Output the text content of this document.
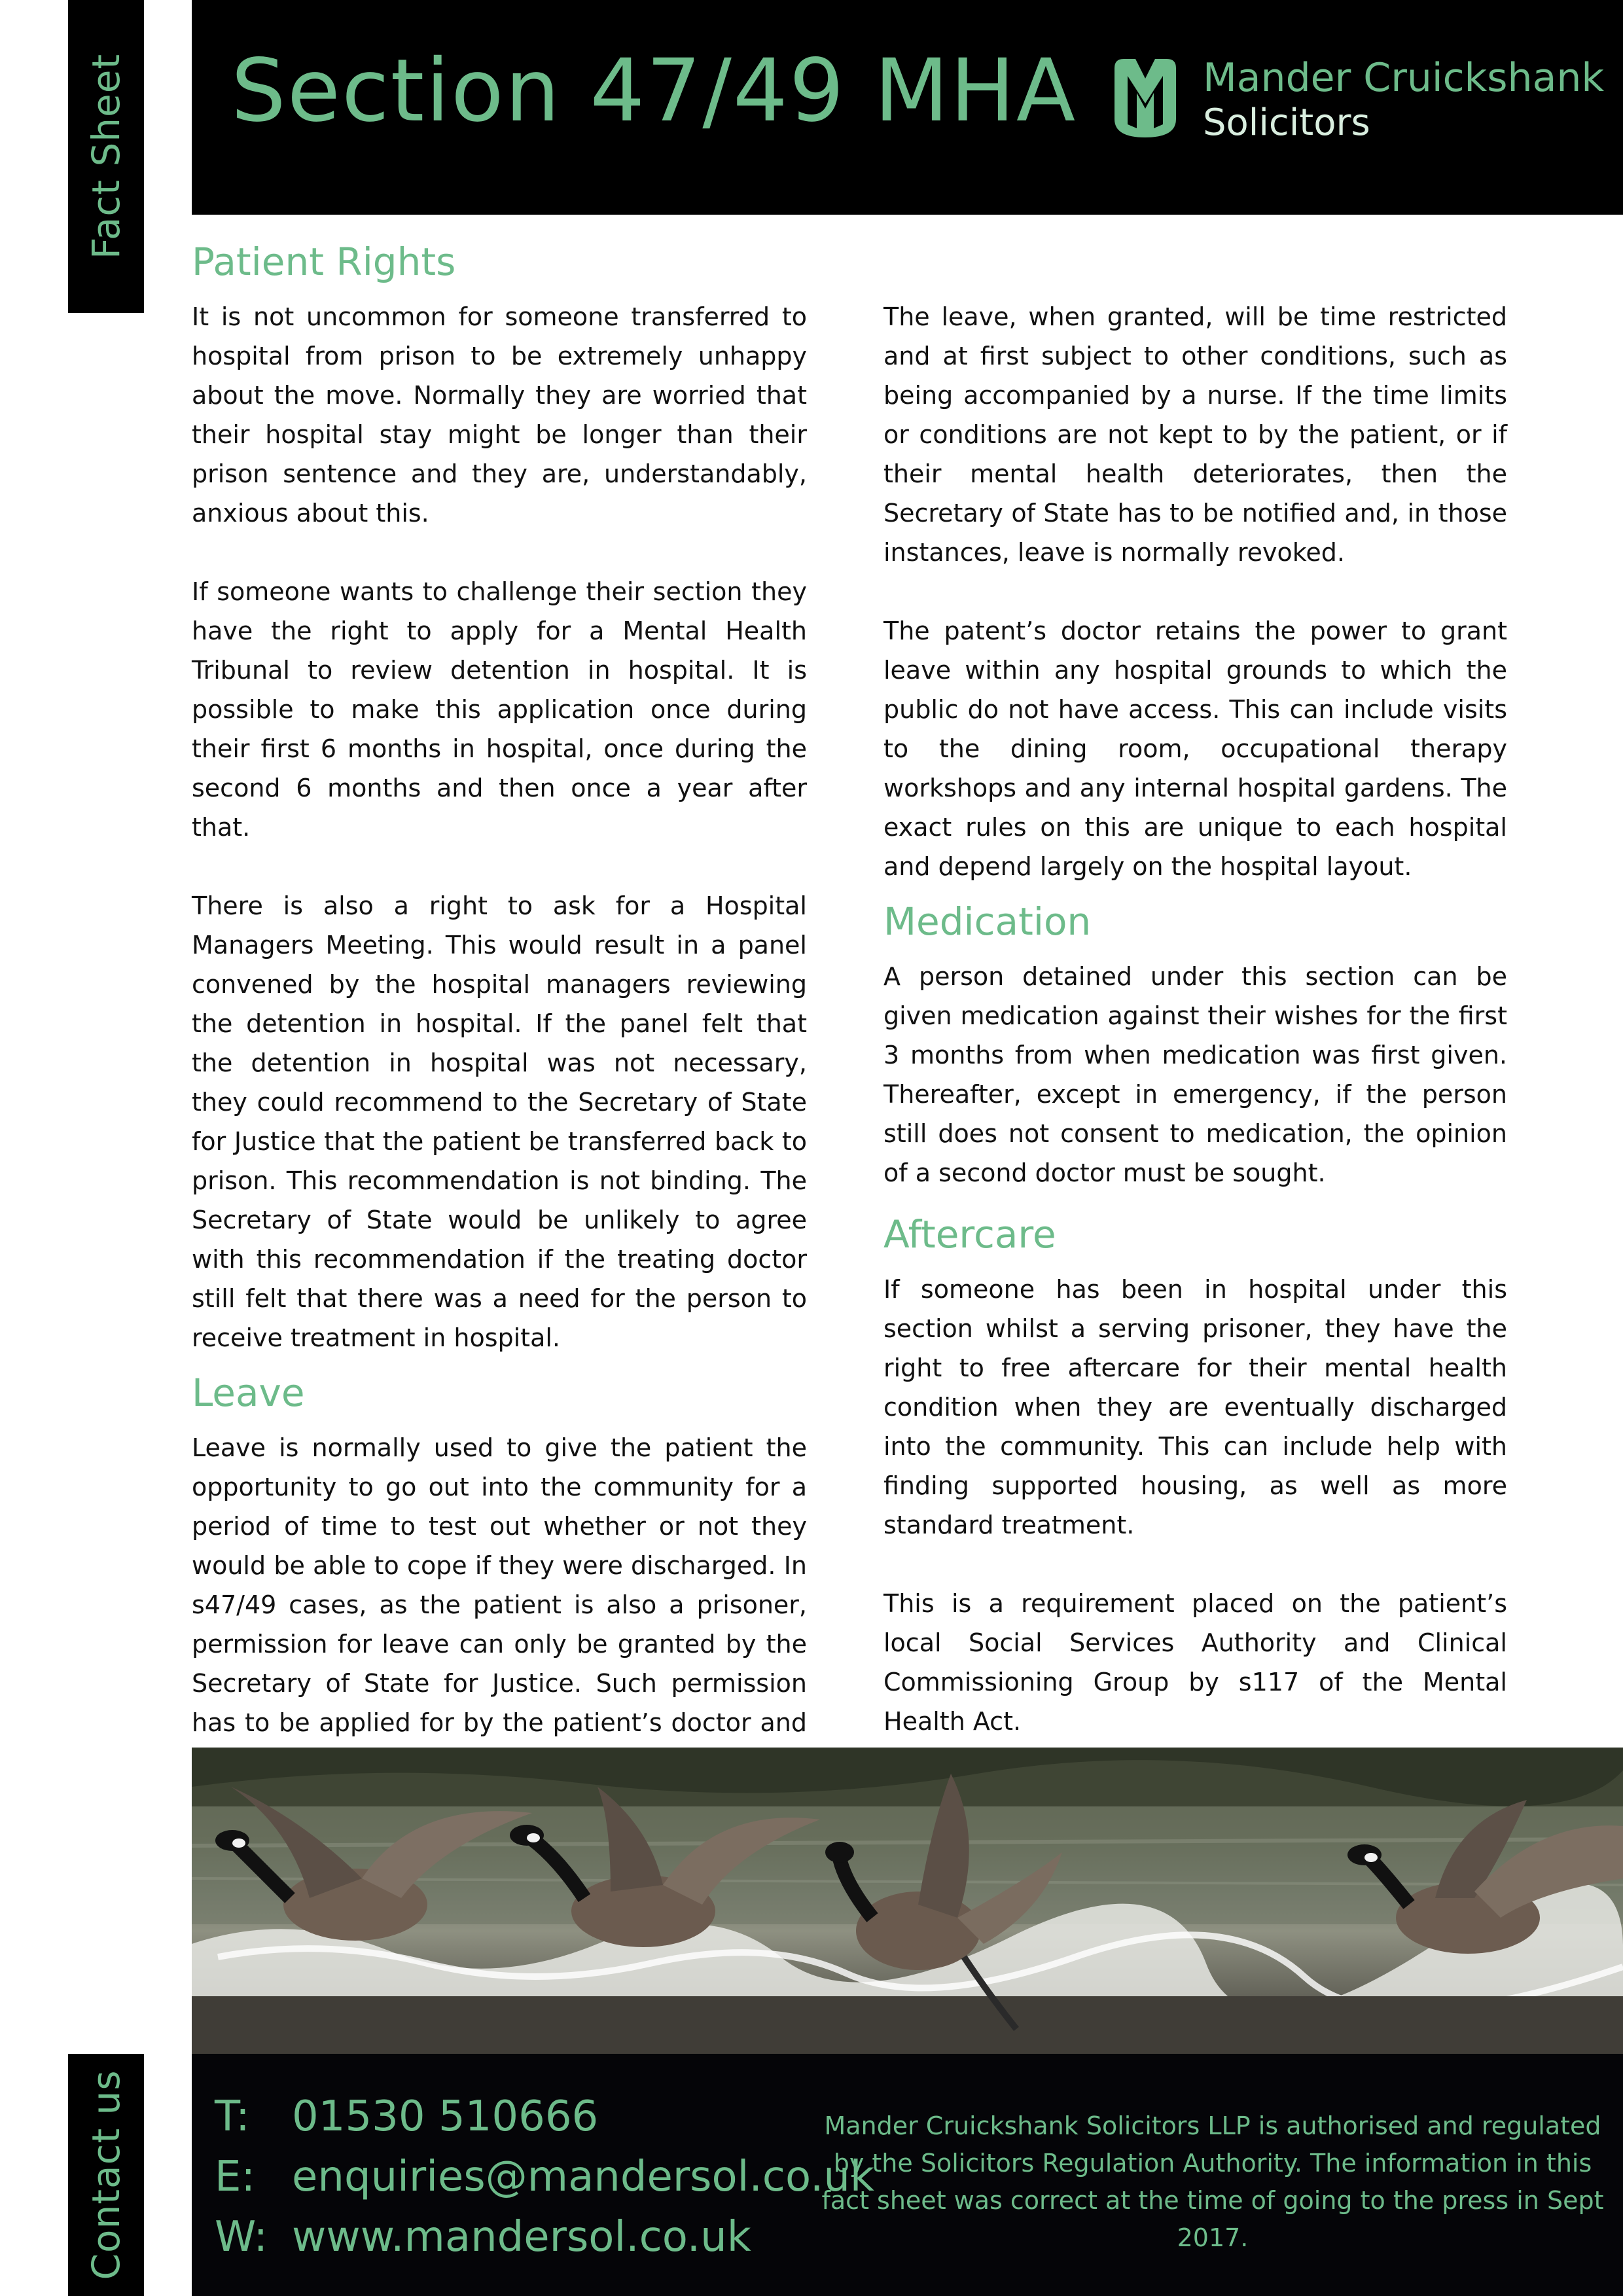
Fact Sheet
Contact us
Section 47/49 MHA	Mander Cruickshank
Solicitors
Patient Rights

It is not uncommon for someone transferred to hospital from prison to be extremely unhappy about the move. Normally they are worried that their hospital stay might be longer than their prison sentence and they are, understandably, anxious about this.

If someone wants to challenge their section they have the right to apply for a Mental Health Tribunal to review detention in hospital. It is possible to make this application once during their first 6 months in hospital, once during the second 6 months and then once a year after that.

There is also a right to ask for a Hospital Managers Meeting. This would result in a panel convened by the hospital managers reviewing the detention in hospital. If the panel felt that the detention in hospital was not necessary, they could recommend to the Secretary of State for Justice that the patient be transferred back to prison. This recommendation is not binding. The Secretary of State would be unlikely to agree with this recommendation if the treating doctor still felt that there was a need for the person to receive treatment in hospital.

Leave

Leave is normally used to give the patient the opportunity to go out into the community for a period of time to test out whether or not they would be able to cope if they were discharged. In s47/49 cases, as the patient is also a prisoner, permission for leave can only be granted by the Secretary of State for Justice. Such permission has to be applied for by the patient’s doctor and

The leave, when granted, will be time restricted and at first subject to other conditions, such as being accompanied by a nurse. If the time limits or conditions are not kept to by the patient, or if their mental health deteriorates, then the Secretary of State has to be notified and, in those instances, leave is normally revoked.

The patent’s doctor retains the power to grant leave within any hospital grounds to which the public do not have access. This can include visits to the dining room, occupational therapy workshops and any internal hospital gardens. The exact rules on this are unique to each hospital and depend largely on the hospital layout.

Medication

A person detained under this section can be given medication against their wishes for the first 3 months from when medication was first given. Thereafter, except in emergency, if the person still does not consent to medication, the opinion of a second doctor must be sought.

Aftercare

If someone has been in hospital under this section whilst a serving prisoner, they have the right to free aftercare for their mental health condition when they are eventually discharged into the community. This can include help with finding supported housing, as well as more standard treatment.

This is a requirement placed on the patient’s local Social Services Authority and Clinical Commissioning Group by s117 of the Mental Health Act.

T: 01530 510666
E: enquiries@mandersol.co.uk
W: www.mandersol.co.uk
Mander Cruickshank Solicitors LLP is authorised and regulated by the Solicitors Regulation Authority. The information in this fact sheet was correct at the time of going to the press in Sept 2017.
